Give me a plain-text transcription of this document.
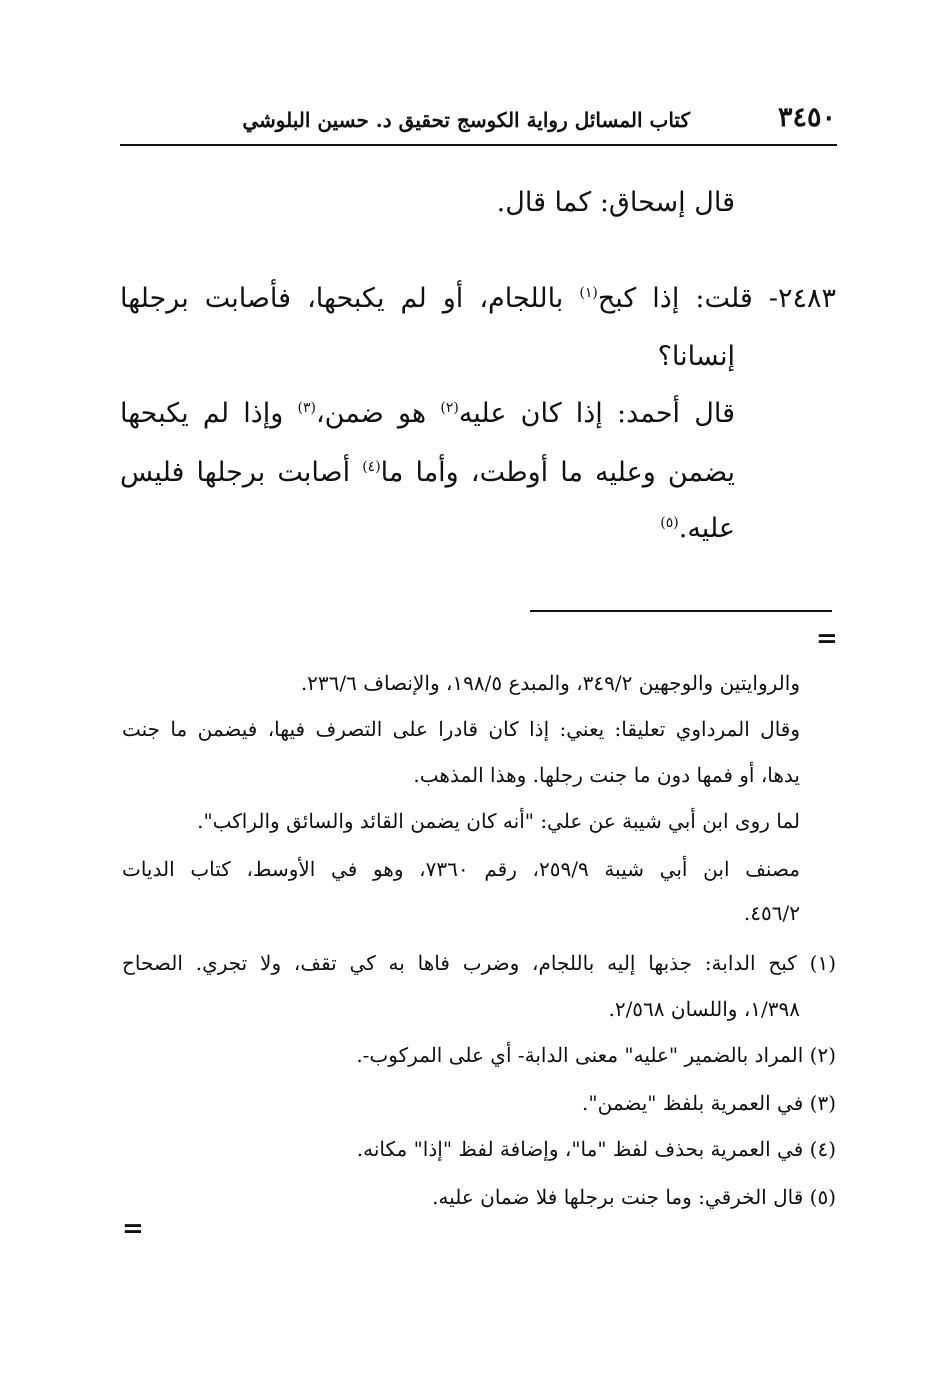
٣٤٥٠
كتاب المسائل رواية الكوسج تحقيق د. حسين البلوشي
قال إسحاق: كما قال.
٢٤٨٣- قلت: إذا كبح$^{(١)}$ باللجام، أو لم يكبحها، فأصابت برجلها
إنسانا؟
قال أحمد: إذا كان عليه$^{(٢)}$ هو ضمن،$^{(٣)}$ وإذا لم يكبحها
يضمن وعليه ما أوطت، وأما ما$^{(٤)}$ أصابت برجلها فليس
عليه.$^{(٥)}$
=
والروايتين والوجهين ٣٤٩/٢، والمبدع ١٩٨/٥، والإنصاف ٢٣٦/٦.
وقال المرداوي تعليقا: يعني: إذا كان قادرا على التصرف فيها، فيضمن ما جنت
يدها، أو فمها دون ما جنت رجلها. وهذا المذهب.
لما روى ابن أبي شيبة عن علي: "أنه كان يضمن القائد والسائق والراكب".
مصنف ابن أبي شيبة ٢٥٩/٩، رقم ٧٣٦٠، وهو في الأوسط، كتاب الديات
٤٥٦/٢.
(١) كبح الدابة: جذبها إليه باللجام، وضرب فاها به كي تقف، ولا تجري. الصحاح
١/٣٩٨، واللسان ٢/٥٦٨.
(٢) المراد بالضمير "عليه" معنى الدابة- أي على المركوب-.
(٣) في العمرية بلفظ "يضمن".
(٤) في العمرية بحذف لفظ "ما"، وإضافة لفظ "إذا" مكانه.
(٥) قال الخرقي: وما جنت برجلها فلا ضمان عليه.
=
